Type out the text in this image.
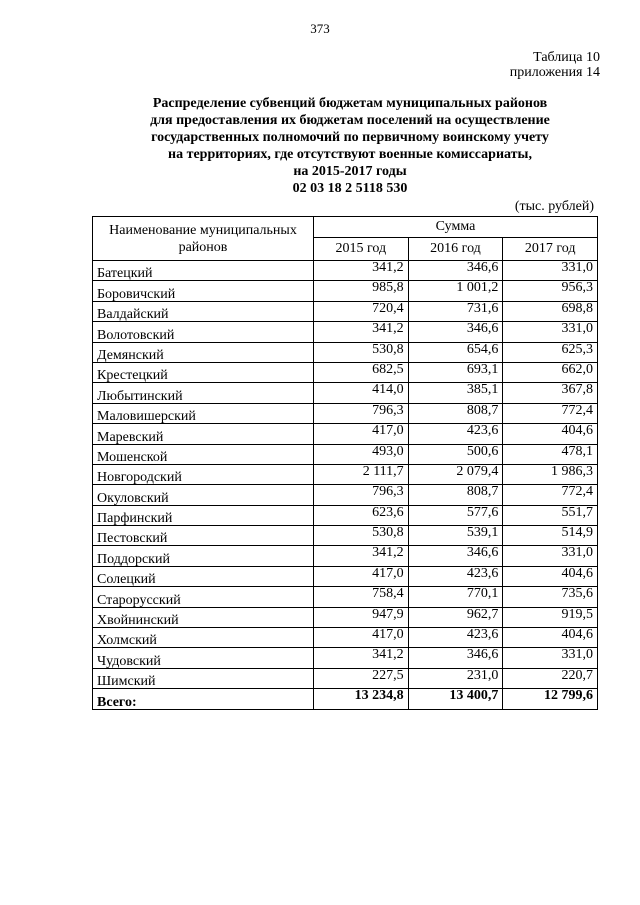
373
Таблица 10
приложения 14
Распределение субвенций бюджетам муниципальных районов
для предоставления их бюджетам поселений на осуществление
государственных полномочий по первичному воинскому учету
на территориях, где отсутствуют военные комиссариаты,
на 2015-2017 годы
02 03 18 2 5118 530
(тыс. рублей)
Наименование муниципальных районов	Сумма		
	2015 год	2016 год	2017 год
Батецкий	341,2	346,6	331,0
Боровичский	985,8	1 001,2	956,3
Валдайский	720,4	731,6	698,8
Волотовский	341,2	346,6	331,0
Демянский	530,8	654,6	625,3
Крестецкий	682,5	693,1	662,0
Любытинский	414,0	385,1	367,8
Маловишерский	796,3	808,7	772,4
Маревский	417,0	423,6	404,6
Мошенской	493,0	500,6	478,1
Новгородский	2 111,7	2 079,4	1 986,3
Окуловский	796,3	808,7	772,4
Парфинский	623,6	577,6	551,7
Пестовский	530,8	539,1	514,9
Поддорский	341,2	346,6	331,0
Солецкий	417,0	423,6	404,6
Старорусский	758,4	770,1	735,6
Хвойнинский	947,9	962,7	919,5
Холмский	417,0	423,6	404,6
Чудовский	341,2	346,6	331,0
Шимский	227,5	231,0	220,7
Всего:	13 234,8	13 400,7	12 799,6
